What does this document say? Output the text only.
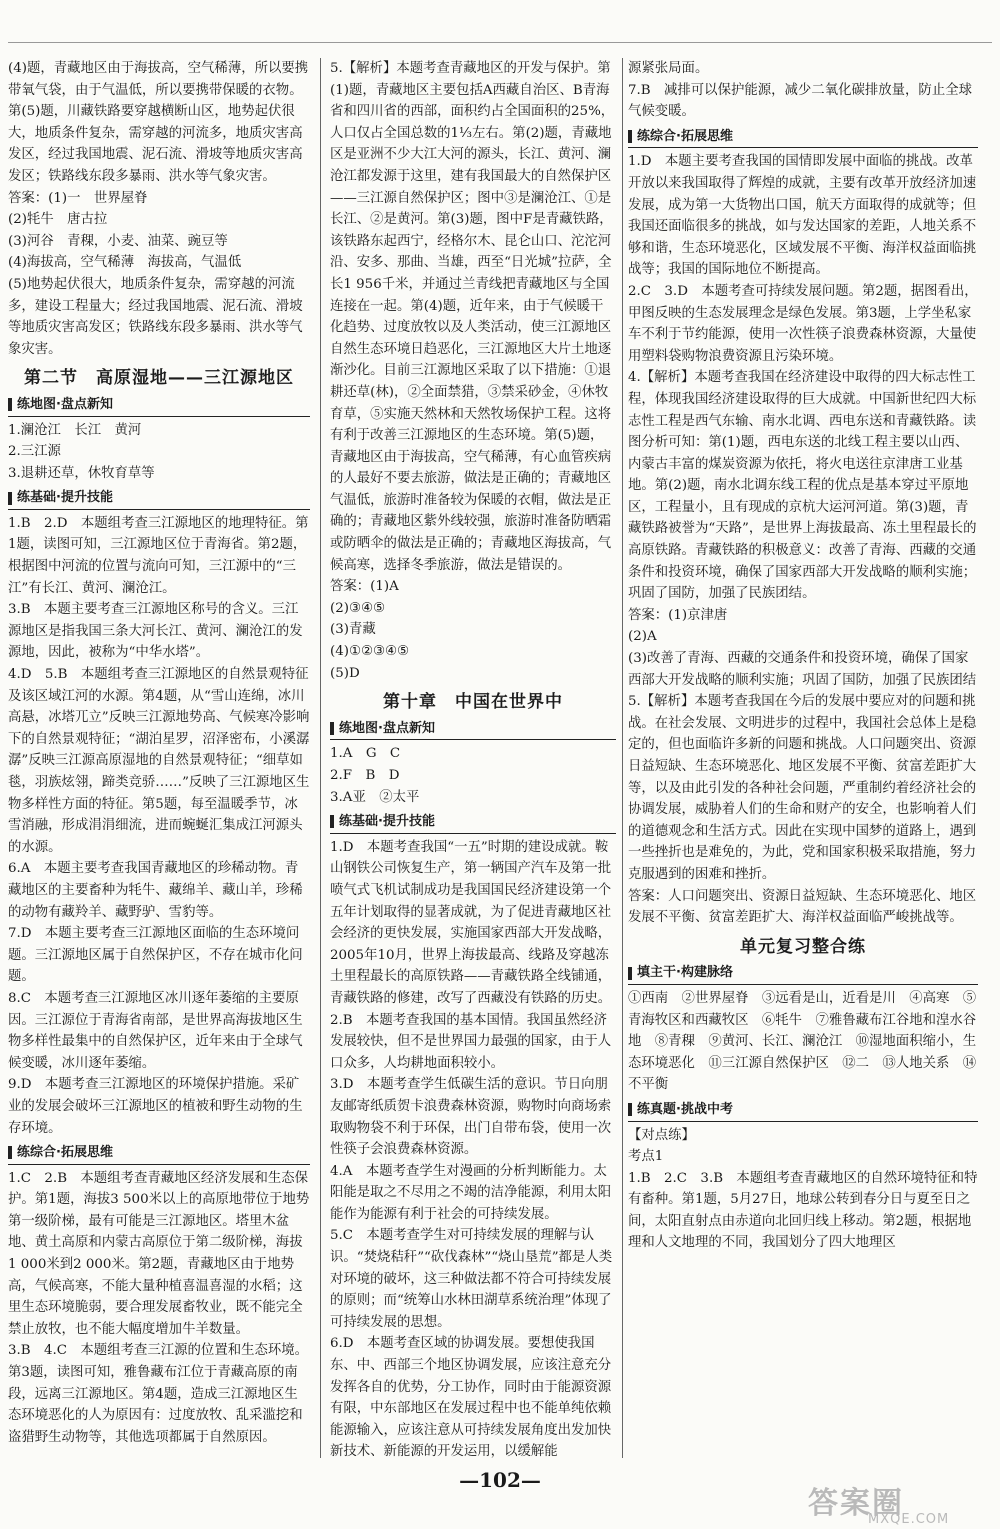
(4)题，青藏地区由于海拔高，空气稀薄，所以要携带氧气袋，由于气温低，所以要携带保暖的衣物。第(5)题，川藏铁路要穿越横断山区，地势起伏很大，地质条件复杂，需穿越的河流多，地质灾害高发区，经过我国地震、泥石流、滑坡等地质灾害高发区；铁路线东段多暴雨、洪水等气象灾害。

答案：(1)一　世界屋脊

(2)牦牛　唐古拉

(3)河谷　青稞，小麦、油菜、豌豆等

(4)海拔高，空气稀薄　海拔高，气温低

(5)地势起伏很大，地质条件复杂，需穿越的河流多，建设工程量大；经过我国地震、泥石流、滑坡等地质灾害高发区；铁路线东段多暴雨、洪水等气象灾害。

第二节　高原湿地——三江源地区
练地图·盘点新知

1.澜沧江　长江　黄河

2.三江源

3.退耕还草，休牧育草等

练基础·提升技能

1.B　2.D　本题组考查三江源地区的地理特征。第1题，读图可知，三江源地区位于青海省。第2题，根据图中河流的位置与流向可知，三江源中的“三江”有长江、黄河、澜沧江。

3.B　本题主要考查三江源地区称号的含义。三江源地区是指我国三条大河长江、黄河、澜沧江的发源地，因此，被称为“中华水塔”。

4.D　5.B　本题组考查三江源地区的自然景观特征及该区域江河的水源。第4题，从“雪山连绵，冰川高悬，冰塔兀立”反映三江源地势高、气候寒冷影响下的自然景观特征；“湖泊星罗，沼泽密布，小溪潺潺”反映三江源高原湿地的自然景观特征；“细草如毯，羽族炫翎，蹄类竞骄……”反映了三江源地区生物多样性方面的特征。第5题，每至温暖季节，冰雪消融，形成涓涓细流，进而蜿蜒汇集成江河源头的水源。

6.A　本题主要考查我国青藏地区的珍稀动物。青藏地区的主要畜种为牦牛、藏绵羊、藏山羊，珍稀的动物有藏羚羊、藏野驴、雪豹等。

7.D　本题主要考查三江源地区面临的生态环境问题。三江源地区属于自然保护区，不存在城市化问题。

8.C　本题考查三江源地区冰川逐年萎缩的主要原因。三江源位于青海省南部，是世界高海拔地区生物多样性最集中的自然保护区，近年来由于全球气候变暖，冰川逐年萎缩。

9.D　本题考查三江源地区的环境保护措施。采矿业的发展会破坏三江源地区的植被和野生动物的生存环境。

练综合·拓展思维

1.C　2.B　本题组考查青藏地区经济发展和生态保护。第1题，海拔3 500米以上的高原地带位于地势第一级阶梯，最有可能是三江源地区。塔里木盆地、黄土高原和内蒙古高原位于第二级阶梯，海拔1 000米到2 000米。第2题，青藏地区由于地势高，气候高寒，不能大量种植喜温喜湿的水稻；这里生态环境脆弱，要合理发展畜牧业，既不能完全禁止放牧，也不能大幅度增加牛羊数量。

3.B　4.C　本题组考查三江源的位置和生态环境。第3题，读图可知，雅鲁藏布江位于青藏高原的南段，远离三江源地区。第4题，造成三江源地区生态环境恶化的人为原因有：过度放牧、乱采滥挖和盗猎野生动物等，其他选项都属于自然原因。

5.【解析】本题考查青藏地区的开发与保护。第(1)题，青藏地区主要包括A西藏自治区、B青海省和四川省的西部，面积约占全国面积的25%，人口仅占全国总数的1⅓左右。第(2)题，青藏地区是亚洲不少大江大河的源头，长江、黄河、澜沧江都发源于这里，建有我国最大的自然保护区——三江源自然保护区；图中③是澜沧江、①是长江、②是黄河。第(3)题，图中F是青藏铁路，该铁路东起西宁，经格尔木、昆仑山口、沱沱河沿、安多、那曲、当雄，西至“日光城”拉萨，全长1 956千米，并通过兰青线把青藏地区与全国连接在一起。第(4)题，近年来，由于气候暖干化趋势、过度放牧以及人类活动，使三江源地区自然生态环境日趋恶化，三江源地区大片土地逐渐沙化。目前三江源地区采取了以下措施：①退耕还草(林)，②全面禁猎，③禁采砂金，④休牧育草，⑤实施天然林和天然牧场保护工程。这将有利于改善三江源地区的生态环境。第(5)题，青藏地区由于海拔高，空气稀薄，有心血管疾病的人最好不要去旅游，做法是正确的；青藏地区气温低，旅游时准备较为保暖的衣帽，做法是正确的；青藏地区紫外线较强，旅游时准备防晒霜或防晒伞的做法是正确的；青藏地区海拔高，气候高寒，选择冬季旅游，做法是错误的。

答案：(1)A

(2)③④⑤

(3)青藏

(4)①②③④⑤

(5)D

第十章　中国在世界中
练地图·盘点新知

1.A　G　C

2.F　B　D

3.A亚　②太平

练基础·提升技能

1.D　本题考查我国“一五”时期的建设成就。鞍山钢铁公司恢复生产，第一辆国产汽车及第一批喷气式飞机试制成功是我国国民经济建设第一个五年计划取得的显著成就，为了促进青藏地区社会经济的更快发展，实施国家西部大开发战略，2005年10月，世界上海拔最高、线路及穿越冻土里程最长的高原铁路——青藏铁路全线铺通，青藏铁路的修建，改写了西藏没有铁路的历史。

2.B　本题考查我国的基本国情。我国虽然经济发展较快，但不是世界国力最强的国家，由于人口众多，人均耕地面积较小。

3.D　本题考查学生低碳生活的意识。节日向朋友邮寄纸质贺卡浪费森林资源，购物时向商场索取购物袋不利于环保，出门自带布袋，使用一次性筷子会浪费森林资源。

4.A　本题考查学生对漫画的分析判断能力。太阳能是取之不尽用之不竭的洁净能源，利用太阳能作为能源有利于社会的可持续发展。

5.C　本题考查学生对可持续发展的理解与认识。“焚烧秸秆”“砍伐森林”“烧山垦荒”都是人类对环境的破坏，这三种做法都不符合可持续发展的原则；而“统筹山水林田湖草系统治理”体现了可持续发展的思想。

6.D　本题考查区域的协调发展。要想使我国东、中、西部三个地区协调发展，应该注意充分发挥各自的优势，分工协作，同时由于能源资源有限，中东部地区在发展过程中也不能单纯依赖能源输入，应该注意从可持续发展角度出发加快新技术、新能源的开发运用，以缓解能

源紧张局面。

7.B　减排可以保护能源，减少二氧化碳排放量，防止全球气候变暖。

练综合·拓展思维

1.D　本题主要考查我国的国情即发展中面临的挑战。改革开放以来我国取得了辉煌的成就，主要有改革开放经济加速发展，成为第一大货物出口国，航天方面取得的成就等；但我国还面临很多的挑战，如与发达国家的差距，人地关系不够和谐，生态环境恶化，区域发展不平衡、海洋权益面临挑战等；我国的国际地位不断提高。

2.C　3.D　本题考查可持续发展问题。第2题，据图看出，甲图反映的生态发展理念是绿色发展。第3题，上学坐私家车不利于节约能源，使用一次性筷子浪费森林资源，大量使用塑料袋购物浪费资源且污染环境。

4.【解析】本题考查我国在经济建设中取得的四大标志性工程，体现我国经济建设取得的巨大成就。中国新世纪四大标志性工程是西气东输、南水北调、西电东送和青藏铁路。读图分析可知：第(1)题，西电东送的北线工程主要以山西、内蒙古丰富的煤炭资源为依托，将火电送往京津唐工业基地。第(2)题，南水北调东线工程的优点是基本穿过平原地区，工程量小，且有现成的京杭大运河河道。第(3)题，青藏铁路被誉为“天路”，是世界上海拔最高、冻土里程最长的高原铁路。青藏铁路的积极意义：改善了青海、西藏的交通条件和投资环境，确保了国家西部大开发战略的顺利实施；巩固了国防，加强了民族团结。

答案：(1)京津唐

(2)A

(3)改善了青海、西藏的交通条件和投资环境，确保了国家西部大开发战略的顺利实施；巩固了国防，加强了民族团结

5.【解析】本题考查我国在今后的发展中要应对的问题和挑战。在社会发展、文明进步的过程中，我国社会总体上是稳定的，但也面临许多新的问题和挑战。人口问题突出、资源日益短缺、生态环境恶化、地区发展不平衡、贫富差距扩大等，以及由此引发的各种社会问题，严重制约着经济社会的协调发展，威胁着人们的生命和财产的安全，也影响着人们的道德观念和生活方式。因此在实现中国梦的道路上，遇到一些挫折也是难免的，为此，党和国家积极采取措施，努力克服遇到的困难和挫折。

答案：人口问题突出、资源日益短缺、生态环境恶化、地区发展不平衡、贫富差距扩大、海洋权益面临严峻挑战等。

单元复习整合练
填主干·构建脉络

①西南　②世界屋脊　③远看是山，近看是川　④高寒　⑤青海牧区和西藏牧区　⑥牦牛　⑦雅鲁藏布江谷地和湟水谷地　⑧青稞　⑨黄河、长江、澜沧江　⑩湿地面积缩小，生态环境恶化　⑪三江源自然保护区　⑫二　⑬人地关系　⑭不平衡

练真题·挑战中考

【对点练】

考点1

1.B　2.C　3.B　本题组考查青藏地区的自然环境特征和特有畜种。第1题，5月27日，地球公转到春分日与夏至日之间，太阳直射点由赤道向北回归线上移动。第2题，根据地理和人文地理的不同，我国划分了四大地理区

—102—
答案圈
MXQE.COM
